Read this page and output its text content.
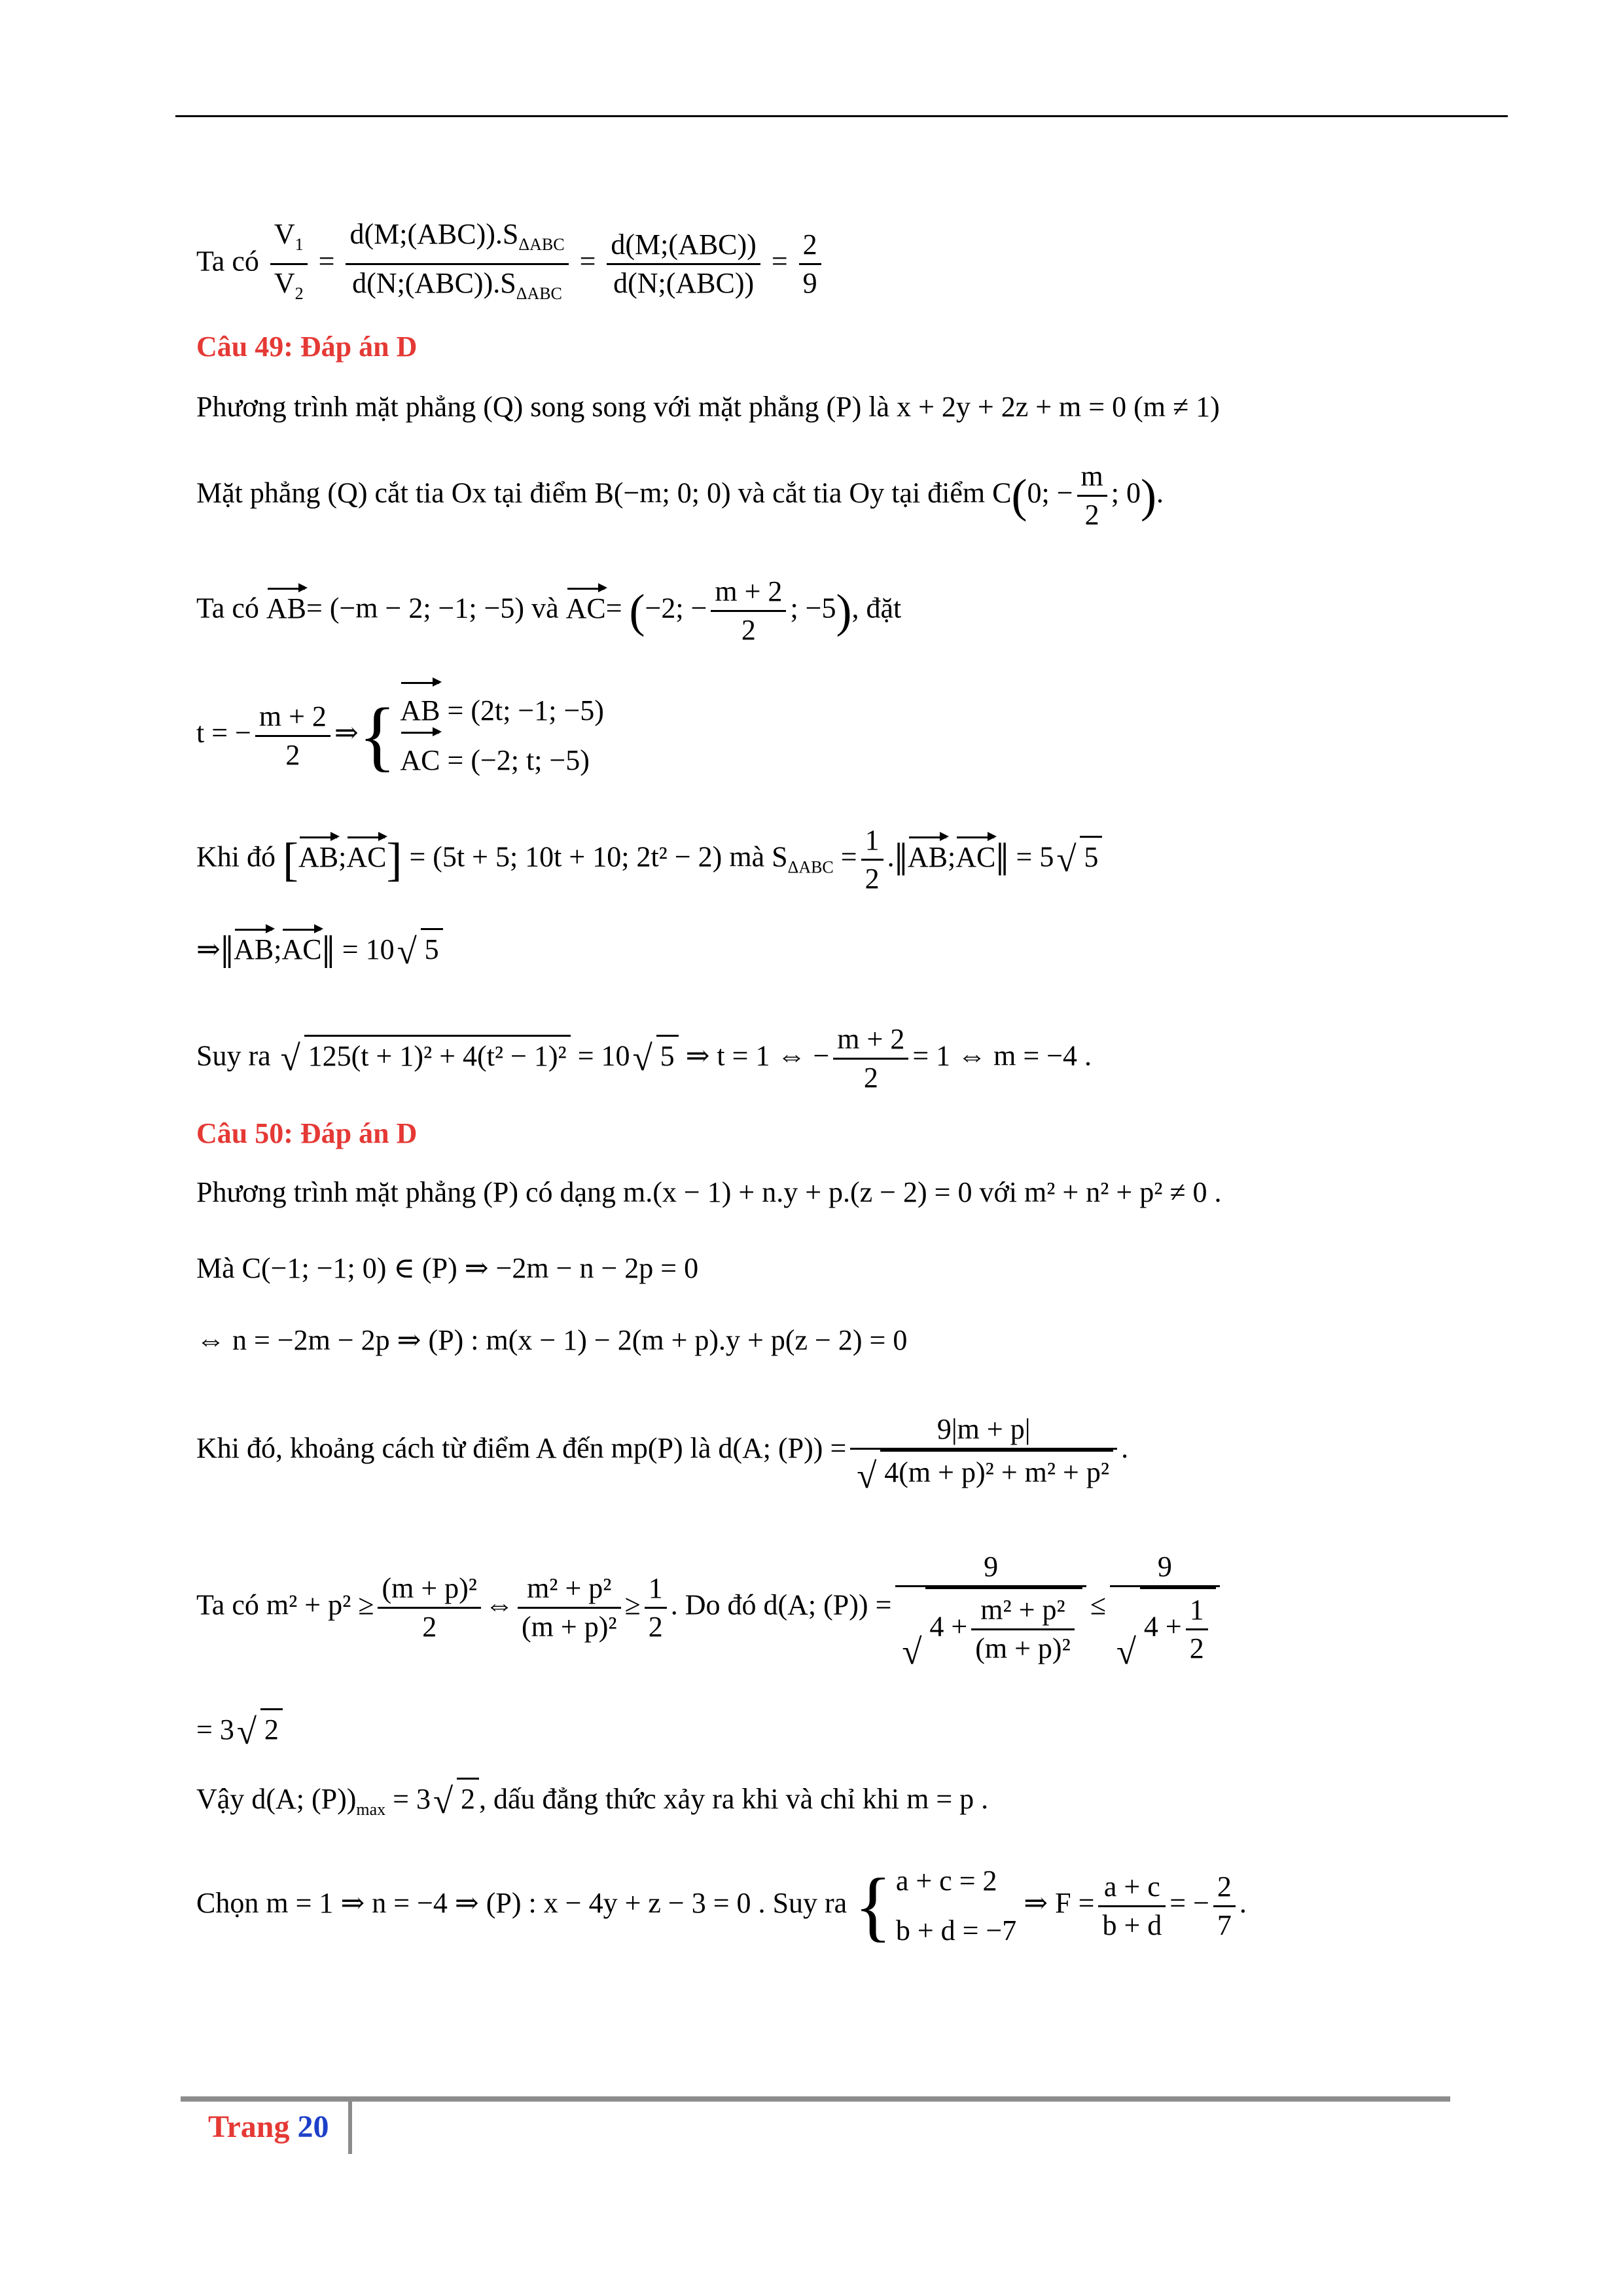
Ta có $\frac{V_1}{V_2} = \frac{d(M;(ABC)).S_{\Delta ABC}}{d(N;(ABC)).S_{\Delta ABC}} = \frac{\text{d(M;(ABC))}}{\text{d(N;(ABC))}} = \frac{2}{9}$
Câu 49: Đáp án D
Phương trình mặt phẳng (Q) song song với mặt phẳng (P) là x + 2y + 2z + m = 0 (m ≠ 1)
Mặt phẳng (Q) cắt tia Ox tại điểm B(−m; 0; 0) và cắt tia Oy tại điểm C(0; − $\frac{m}{2}$ ; 0).
Ta có AB= (−m − 2; −1; −5) và AC= (−2; − $\frac{m + 2}{2}$ ; −5), đặt
t = − $\frac{m + 2}{2}$ ⇒{ AB = (2t; −1; −5)
AC = (−2; t; −5)
Khi đó [AB;AC] = (5t + 5; 10t + 10; 2t² − 2) mà $S_{\Delta ABC} = \frac{1}{2}$ .‖AB;AC‖ = 5 √ 5
⇒‖AB;AC‖ = 10 √ 5
Suy ra √ 125(t + 1)² + 4(t² − 1)² = 10 √ 5 ⇒ t = 1 ⇔ − $\frac{m + 2}{2} = 1$ ⇔ m = −4 .
Câu 50: Đáp án D
Phương trình mặt phẳng (P) có dạng m.(x − 1) + n.y + p.(z − 2) = 0 với m² + n² + p² ≠ 0 .
Mà C(−1; −1; 0) ∈ (P) ⇒ −2m − n − 2p = 0
⇔ n = −2m − 2p ⇒ (P) : m(x − 1) − 2(m + p).y + p(z − 2) = 0
Khi đó, khoảng cách từ điểm A đến mp(P) là d(A; $(P)) = \frac{9|m + p|}{\text{√ 4(m + p)² + m² + p²}}$ .
Ta có $m^2 + p^2 \ge \frac{\text{(m + p)²}}{2}$ ⇔ $\frac{\text{m² + p²}}{\text{(m + p)²}} \ge \frac{1}{2}$ . Do đó d(A; (P)) = 9
√
$4 + \frac{\text{m² + p²}}{\text{(m + p)²}} \le 9$
√
$4 + \frac{1}{2}$
= 3 √ 2
Vậy d(A; $(P))_{max} = 3$ √ 2 , dấu đẳng thức xảy ra khi và chỉ khi m = p .
Chọn m = 1 ⇒ n = −4 ⇒ (P) : x − 4y + z − 3 = 0 . Suy ra { a + c = 2
b + d = −7
⇒ $F = \frac{a + c}{b + d}$ = − $\frac{2}{7}$ .
Trang 20
